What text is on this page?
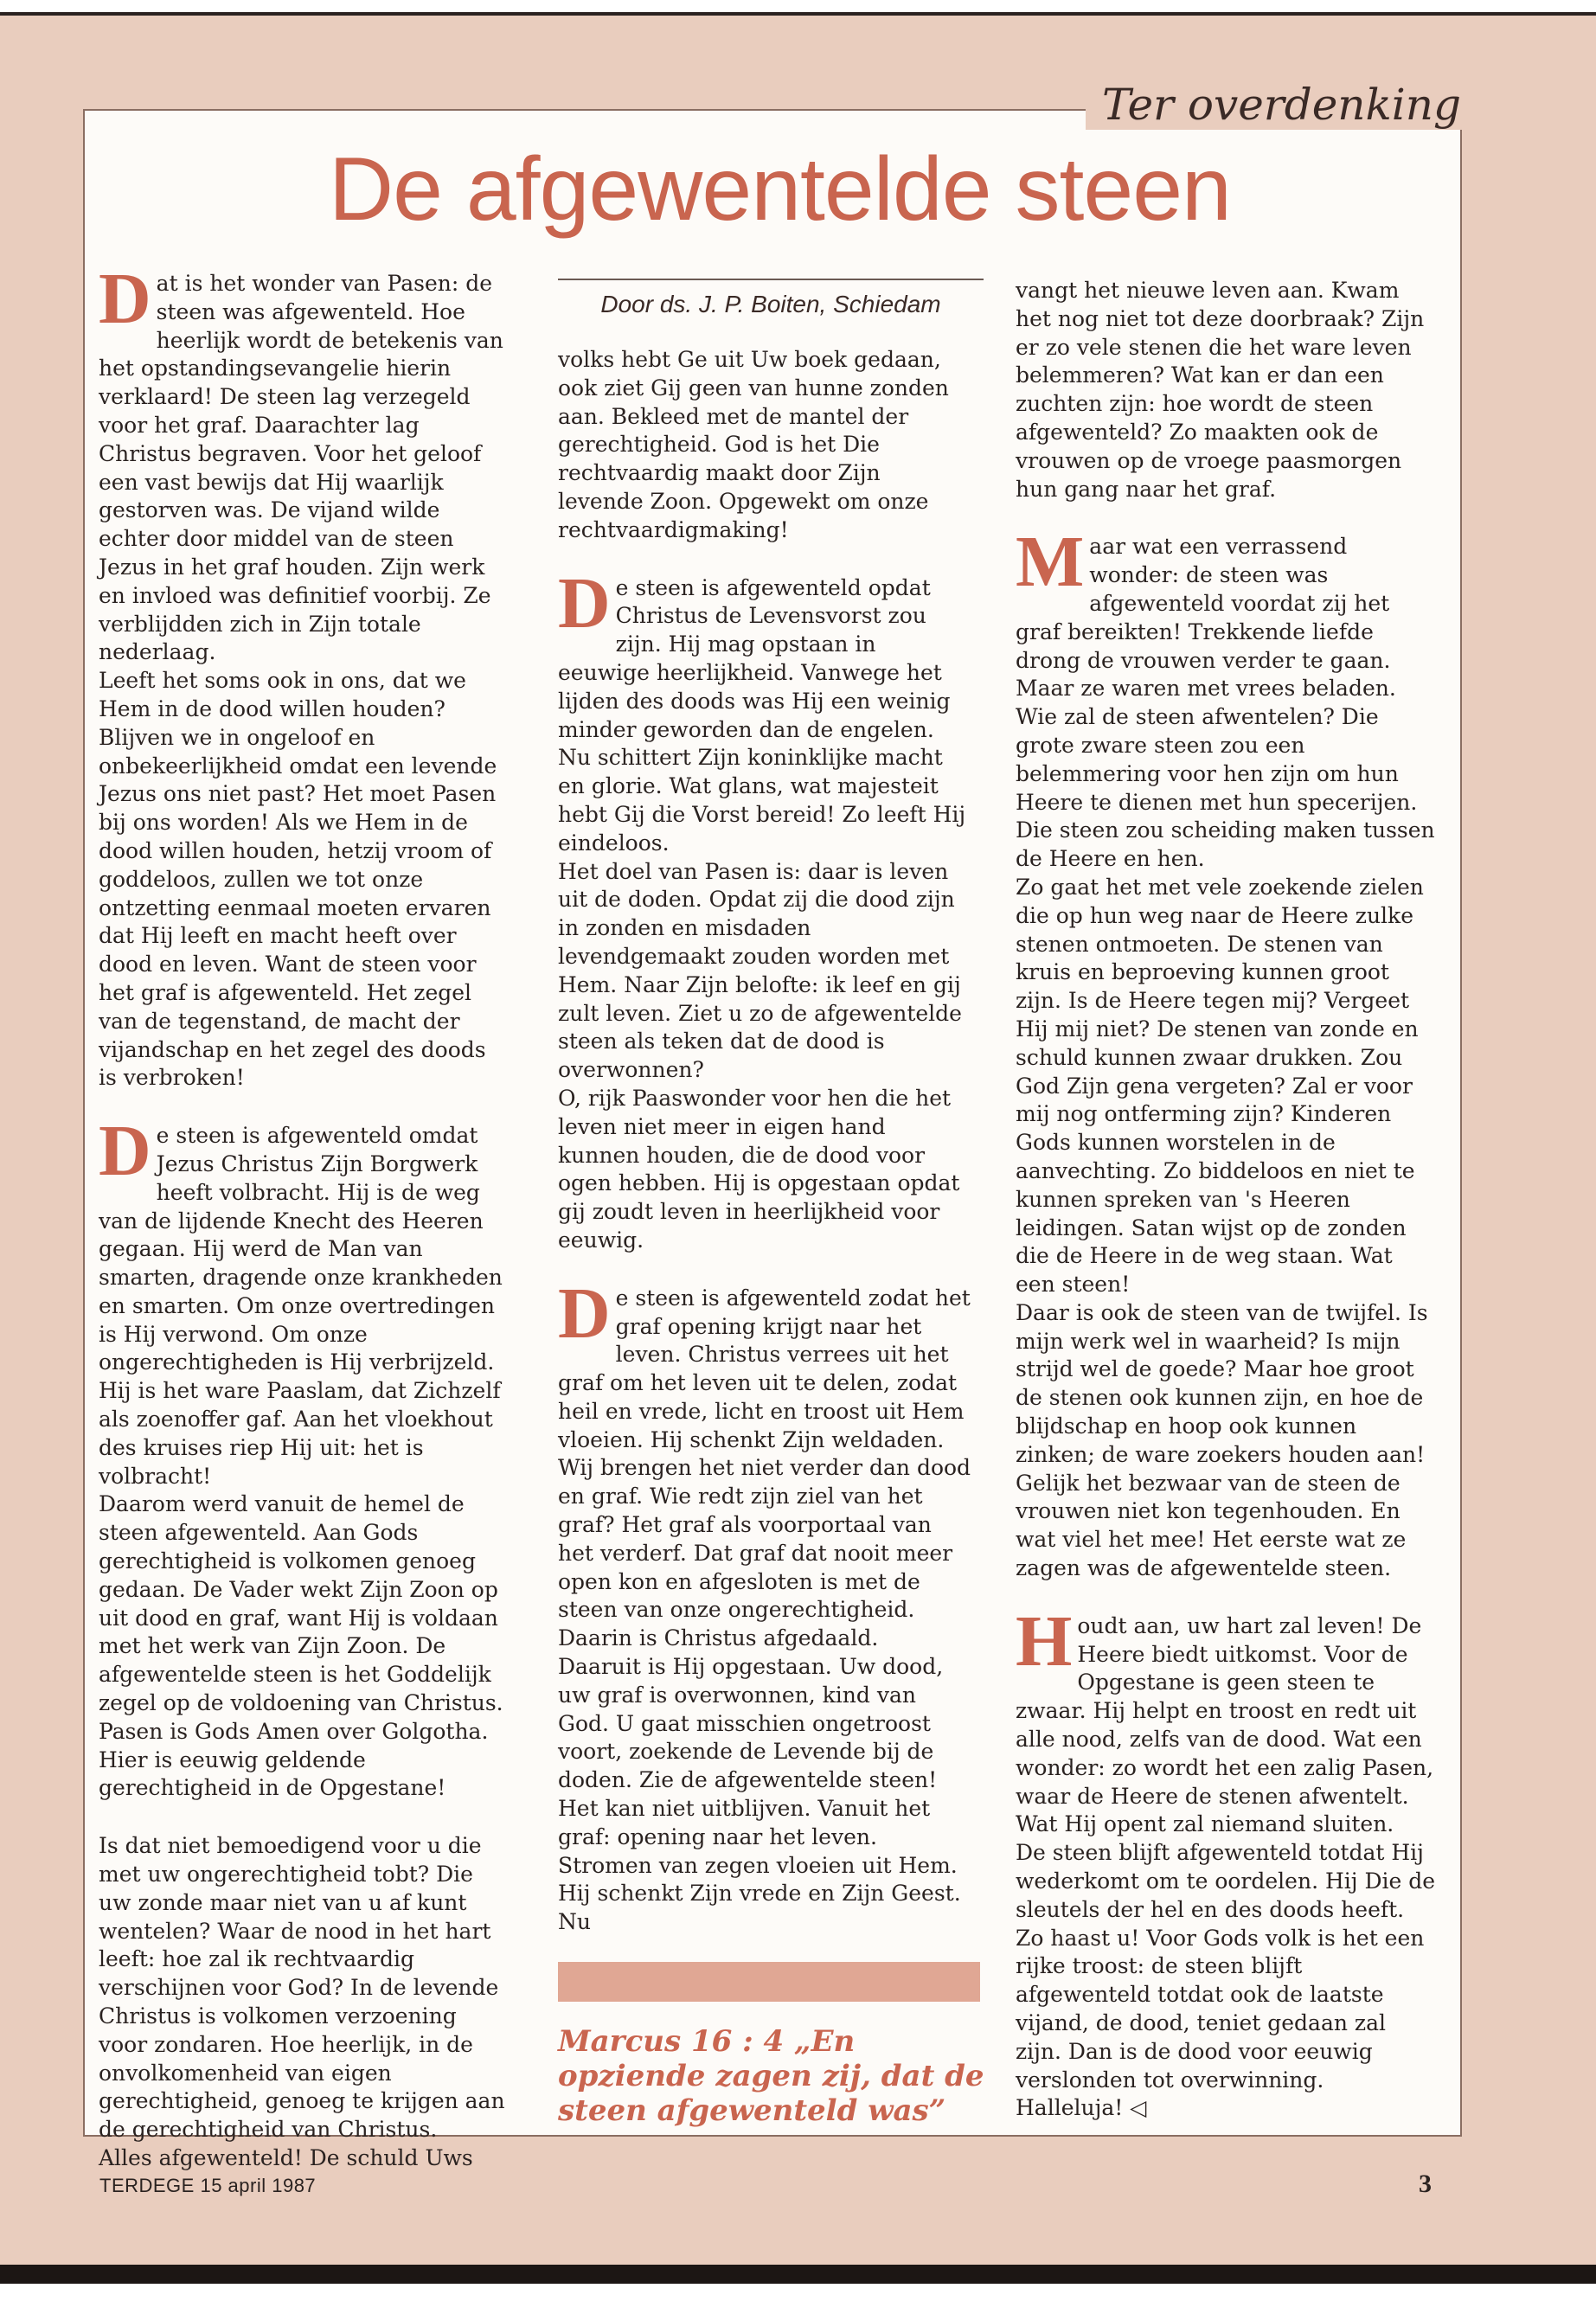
Ter overdenking
De afgewentelde steen

Dat is het wonder van Pasen: de steen was afgewenteld. Hoe heerlijk wordt de betekenis van het opstandingsevangelie hierin verklaard! De steen lag verzegeld voor het graf. Daarachter lag Christus begraven. Voor het geloof een vast bewijs dat Hij waarlijk gestorven was. De vijand wilde echter door middel van de steen Jezus in het graf houden. Zijn werk en invloed was definitief voorbij. Ze verblijdden zich in Zijn totale nederlaag.

Leeft het soms ook in ons, dat we Hem in de dood willen houden? Blijven we in ongeloof en onbekeerlijkheid omdat een levende Jezus ons niet past? Het moet Pasen bij ons worden! Als we Hem in de dood willen houden, hetzij vroom of goddeloos, zullen we tot onze ontzetting eenmaal moeten ervaren dat Hij leeft en macht heeft over dood en leven. Want de steen voor het graf is afgewenteld. Het zegel van de tegenstand, de macht der vijandschap en het zegel des doods is verbroken!

De steen is afgewenteld omdat Jezus Christus Zijn Borgwerk heeft volbracht. Hij is de weg van de lijdende Knecht des Heeren gegaan. Hij werd de Man van smarten, dragende onze krankheden en smarten. Om onze overtredingen is Hij verwond. Om onze ongerechtigheden is Hij verbrijzeld. Hij is het ware Paaslam, dat Zichzelf als zoenoffer gaf. Aan het vloekhout des kruises riep Hij uit: het is volbracht!

Daarom werd vanuit de hemel de steen afgewenteld. Aan Gods gerechtigheid is volkomen genoeg gedaan. De Vader wekt Zijn Zoon op uit dood en graf, want Hij is voldaan met het werk van Zijn Zoon. De afgewentelde steen is het Goddelijk zegel op de voldoening van Christus. Pasen is Gods Amen over Golgotha. Hier is eeuwig geldende gerechtigheid in de Opgestane!

Is dat niet bemoedigend voor u die met uw ongerechtigheid tobt? Die uw zonde maar niet van u af kunt wentelen? Waar de nood in het hart leeft: hoe zal ik rechtvaardig verschijnen voor God? In de levende Christus is volkomen verzoening voor zondaren. Hoe heerlijk, in de onvolkomenheid van eigen gerechtigheid, genoeg te krijgen aan de gerechtigheid van Christus.

Alles afgewenteld! De schuld Uws

Door ds. J. P. Boiten, Schiedam

volks hebt Ge uit Uw boek gedaan, ook ziet Gij geen van hunne zonden aan. Bekleed met de mantel der gerechtigheid. God is het Die rechtvaardig maakt door Zijn levende Zoon. Opgewekt om onze rechtvaardigmaking!

De steen is afgewenteld opdat Christus de Levensvorst zou zijn. Hij mag opstaan in eeuwige heerlijkheid. Vanwege het lijden des doods was Hij een weinig minder geworden dan de engelen. Nu schittert Zijn koninklijke macht en glorie. Wat glans, wat majesteit hebt Gij die Vorst bereid! Zo leeft Hij eindeloos.

Het doel van Pasen is: daar is leven uit de doden. Opdat zij die dood zijn in zonden en misdaden levendgemaakt zouden worden met Hem. Naar Zijn belofte: ik leef en gij zult leven. Ziet u zo de afgewentelde steen als teken dat de dood is overwonnen?

O, rijk Paaswonder voor hen die het leven niet meer in eigen hand kunnen houden, die de dood voor ogen hebben. Hij is opgestaan opdat gij zoudt leven in heerlijkheid voor eeuwig.

De steen is afgewenteld zodat het graf opening krijgt naar het leven. Christus verrees uit het graf om het leven uit te delen, zodat heil en vrede, licht en troost uit Hem vloeien. Hij schenkt Zijn weldaden. Wij brengen het niet verder dan dood en graf. Wie redt zijn ziel van het graf? Het graf als voorportaal van het verderf. Dat graf dat nooit meer open kon en afgesloten is met de steen van onze ongerechtigheid. Daarin is Christus afgedaald.

Daaruit is Hij opgestaan. Uw dood, uw graf is overwonnen, kind van God. U gaat misschien ongetroost voort, zoekende de Levende bij de doden. Zie de afgewentelde steen! Het kan niet uitblijven. Vanuit het graf: opening naar het leven. Stromen van zegen vloeien uit Hem. Hij schenkt Zijn vrede en Zijn Geest. Nu

Marcus 16 : 4 „En opziende zagen zij, dat de steen afgewenteld was”

vangt het nieuwe leven aan. Kwam het nog niet tot deze doorbraak? Zijn er zo vele stenen die het ware leven belemmeren? Wat kan er dan een zuchten zijn: hoe wordt de steen afgewenteld? Zo maakten ook de vrouwen op de vroege paasmorgen hun gang naar het graf.

Maar wat een verrassend wonder: de steen was afgewenteld voordat zij het graf bereikten! Trekkende liefde drong de vrouwen verder te gaan. Maar ze waren met vrees beladen. Wie zal de steen afwentelen? Die grote zware steen zou een belemmering voor hen zijn om hun Heere te dienen met hun specerijen. Die steen zou scheiding maken tussen de Heere en hen.

Zo gaat het met vele zoekende zielen die op hun weg naar de Heere zulke stenen ontmoeten. De stenen van kruis en beproeving kunnen groot zijn. Is de Heere tegen mij? Vergeet Hij mij niet? De stenen van zonde en schuld kunnen zwaar drukken. Zou God Zijn gena vergeten? Zal er voor mij nog ontferming zijn? Kinderen Gods kunnen worstelen in de aanvechting. Zo biddeloos en niet te kunnen spreken van 's Heeren leidingen. Satan wijst op de zonden die de Heere in de weg staan. Wat een steen!

Daar is ook de steen van de twijfel. Is mijn werk wel in waarheid? Is mijn strijd wel de goede? Maar hoe groot de stenen ook kunnen zijn, en hoe de blijdschap en hoop ook kunnen zinken; de ware zoekers houden aan! Gelijk het bezwaar van de steen de vrouwen niet kon tegenhouden. En wat viel het mee! Het eerste wat ze zagen was de afgewentelde steen.

Houdt aan, uw hart zal leven! De Heere biedt uitkomst. Voor de Opgestane is geen steen te zwaar. Hij helpt en troost en redt uit alle nood, zelfs van de dood. Wat een wonder: zo wordt het een zalig Pasen, waar de Heere de stenen afwentelt. Wat Hij opent zal niemand sluiten.

De steen blijft afgewenteld totdat Hij wederkomt om te oordelen. Hij Die de sleutels der hel en des doods heeft. Zo haast u! Voor Gods volk is het een rijke troost: de steen blijft afgewenteld totdat ook de laatste vijand, de dood, teniet gedaan zal zijn. Dan is de dood voor eeuwig verslonden tot overwinning. Halleluja! ◁

TERDEGE 15 april 1987	3
